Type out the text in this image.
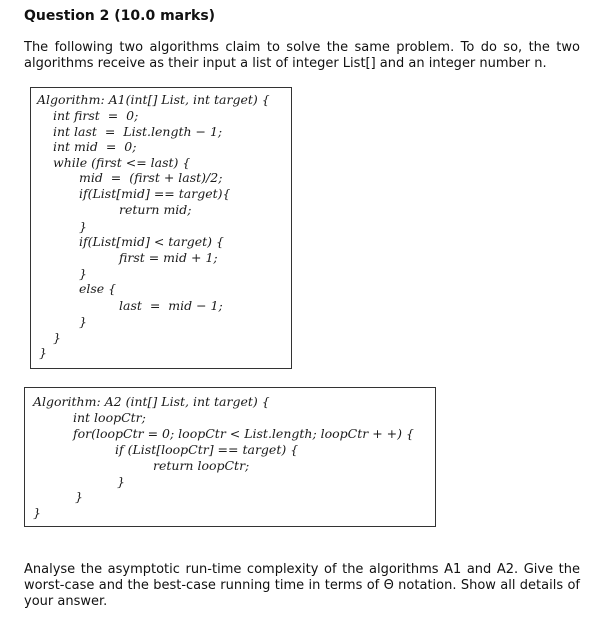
Question 2 (10.0 marks)

The following two algorithms claim to solve the same problem. To do so, the two algorithms receive as their input a list of integer List[] and an integer number n.

Algorithm: A1(int[] List, int target) {
int first  =  0;
int last  =  List.length − 1;
int mid  =  0;
while (first <= last) {
mid  =  (first + last)/2;
if(List[mid] == target){
return mid;
}
if(List[mid] < target) {
first = mid + 1;
}
else {
last  =  mid − 1;
}
}
}
Algorithm: A2 (int[] List, int target) {
int loopCtr;
for(loopCtr = 0; loopCtr < List.length; loopCtr + +) {
if (List[loopCtr] == target) {
return loopCtr;
}
}
}

Analyse the asymptotic run-time complexity of the algorithms A1 and A2. Give the worst-case and the best-case running time in terms of Θ notation. Show all details of your answer.
